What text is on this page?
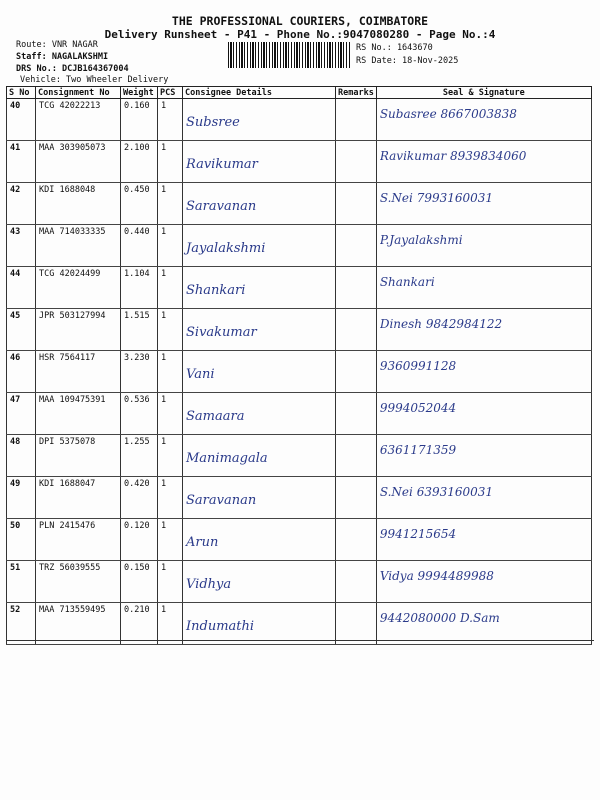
THE PROFESSIONAL COURIERS, COIMBATORE
Delivery Runsheet - P41 - Phone No.:9047080280 - Page No.:4
Route: VNR NAGAR
Staff: NAGALAKSHMI
DRS No.: DCJB164367004
Vehicle: Two Wheeler Delivery
RS No.: 1643670
RS Date: 18-Nov-2025
S No	Consignment No	Weight	PCS	Consignee Details	Remarks	Seal & Signature
40	TCG 42022213	0.160	1	Subsree		Subasree 8667003838

41	MAA 303905073	2.100	1	Ravikumar		Ravikumar 8939834060

42	KDI 1688048	0.450	1	Saravanan		S.Nei 7993160031

43	MAA 714033335	0.440	1	Jayalakshmi		P.Jayalakshmi

44	TCG 42024499	1.104	1	Shankari		Shankari

45	JPR 503127994	1.515	1	Sivakumar		Dinesh 9842984122

46	HSR 7564117	3.230	1	Vani		9360991128

47	MAA 109475391	0.536	1	Samaara		9994052044

48	DPI 5375078	1.255	1	Manimagala		6361171359

49	KDI 1688047	0.420	1	Saravanan		S.Nei 6393160031

50	PLN 2415476	0.120	1	Arun		9941215654

51	TRZ 56039555	0.150	1	Vidhya		Vidya 9994489988

52	MAA 713559495	0.210	1	Indumathi		9442080000 D.Sam
